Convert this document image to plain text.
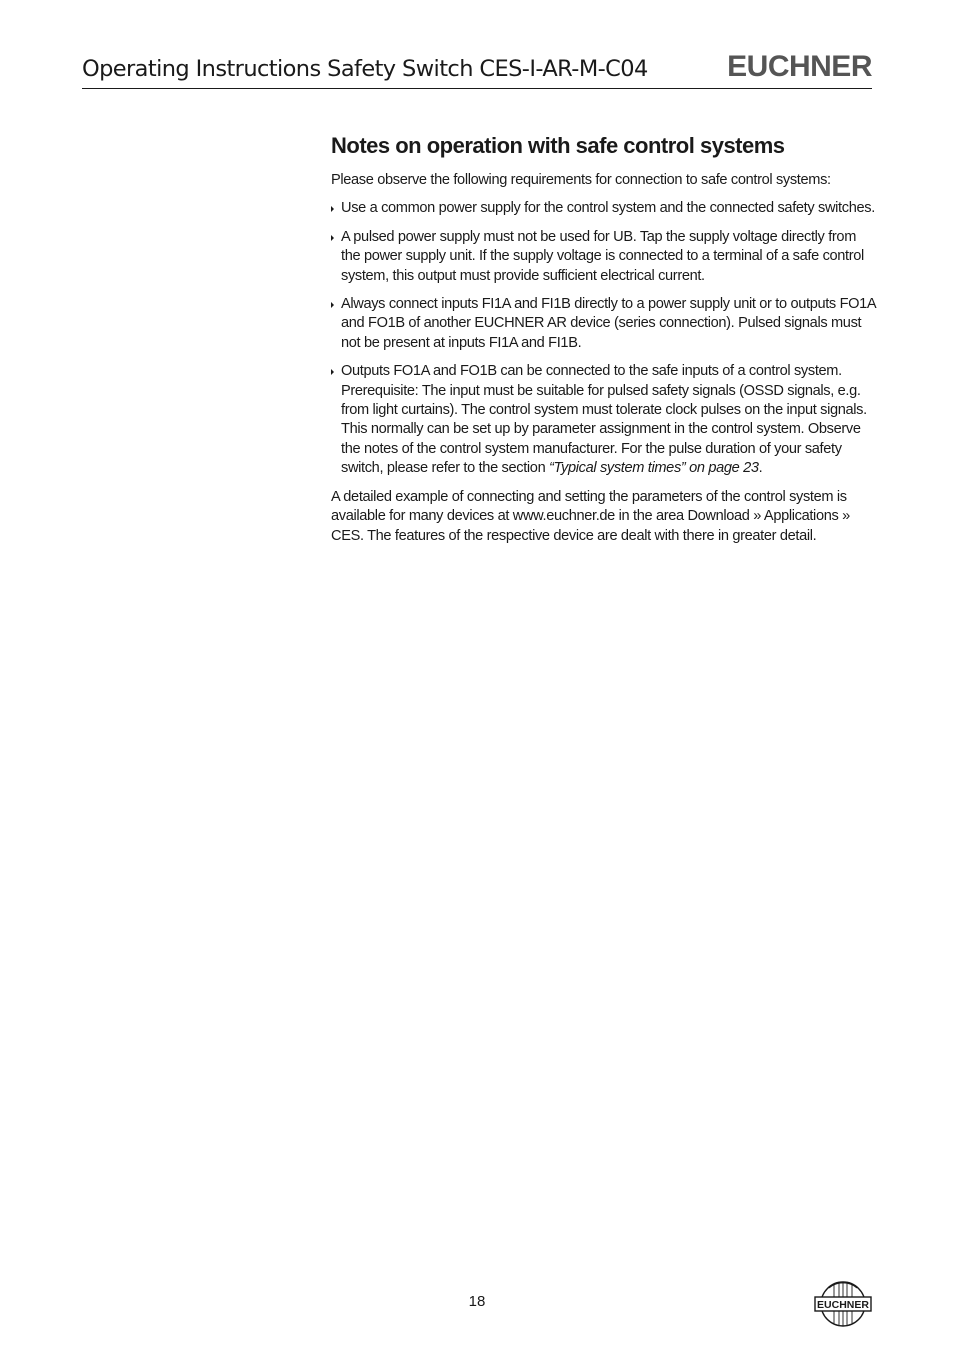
Operating Instructions Safety Switch CES-I-AR-M-C04	EUCHNER
Notes on operation with safe control systems

Please observe the following requirements for connection to safe control systems:

Use a common power supply for the control system and the connected safety switches.
A pulsed power supply must not be used for UB. Tap the supply voltage directly from the power supply unit. If the supply voltage is connected to a terminal of a safe control system, this output must provide sufficient electrical current.
Always connect inputs FI1A and FI1B directly to a power supply unit or to outputs FO1A and FO1B of another EUCHNER AR device (series connection). Pulsed signals must not be present at inputs FI1A and FI1B.
Outputs FO1A and FO1B can be connected to the safe inputs of a control system. Prerequisite: The input must be suitable for pulsed safety signals (OSSD signals, e.g. from light curtains). The control system must tolerate clock pulses on the input signals. This normally can be set up by parameter assignment in the control system. Observe the notes of the control system manufacturer. For the pulse duration of your safety switch, please refer to the section “Typical system times” on page 23.

A detailed example of connecting and setting the parameters of the control system is available for many devices at www.euchner.de in the area Download » Applications » CES. The features of the respective device are dealt with there in greater detail.

18	EUCHNER
